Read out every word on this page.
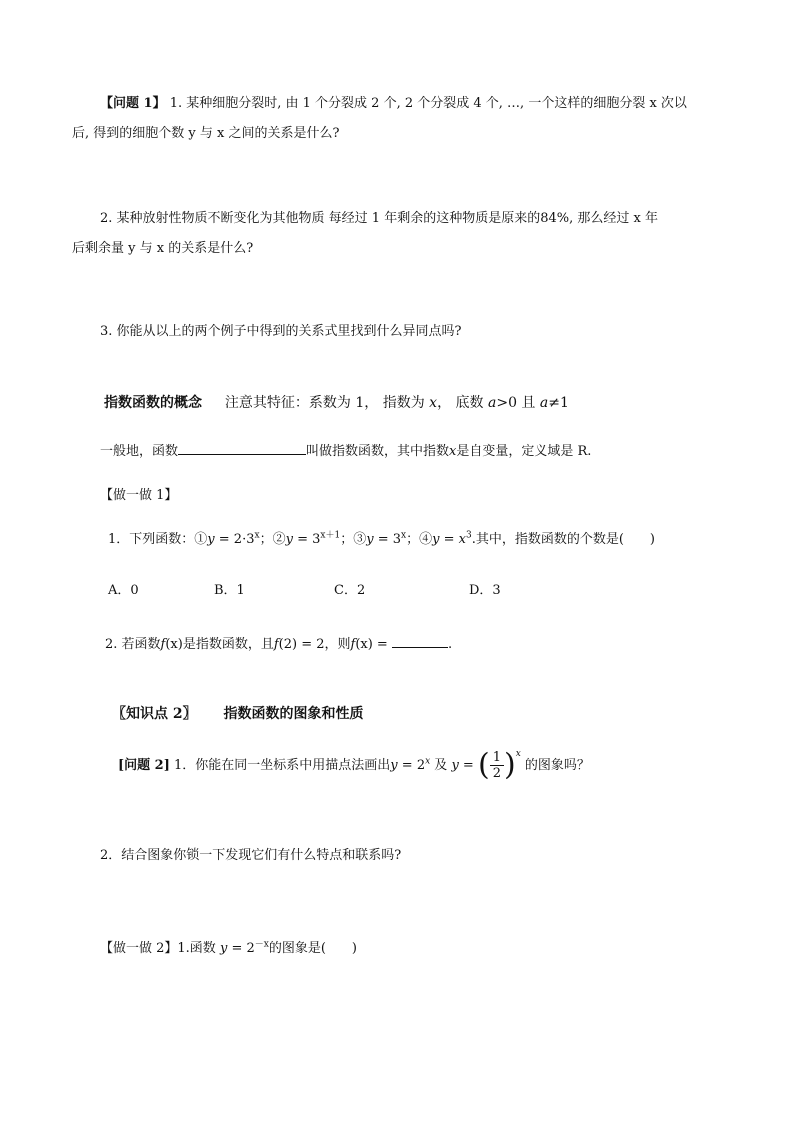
【问题 1】 1. 某种细胞分裂时, 由 1 个分裂成 2 个, 2 个分裂成 4 个, …, 一个这样的细胞分裂 x 次以
后, 得到的细胞个数 y 与 x 之间的关系是什么?
2. 某种放射性物质不断变化为其他物质 每经过 1 年剩余的这种物质是原来的84%, 那么经过 x 年
后剩余量 y 与 x 的关系是什么?
3. 你能从以上的两个例子中得到的关系式里找到什么异同点吗?
指数函数的概念 注意其特征：系数为 1， 指数为 x， 底数 a>0 且 a≠1
一般地，函数	叫做指数函数，其中指数x是自变量，定义域是 R.
【做一做 1】
1．下列函数：①y = $2\cdot 3^x$；②y = $3^{x+1}$；③y = $3^x$；④y = $x^3$.其中，指数函数的个数是(　　)
A．0	B．1	C．2	D．3
2. 若函数f(x)是指数函数，且f(2) = 2，则f(x) =	.
〖知识点 2〗 指数函数的图象和性质
[问题 2] 1．你能在同一坐标系中用描点法画出$y = 2^x$ 及 y = ( $\frac{1}{2} )^x$ 的图象吗？
2．结合图象你锁一下发现它们有什么特点和联系吗?
【做一做 2】1.函数 $y = 2^{-x}$的图象是(　　)
